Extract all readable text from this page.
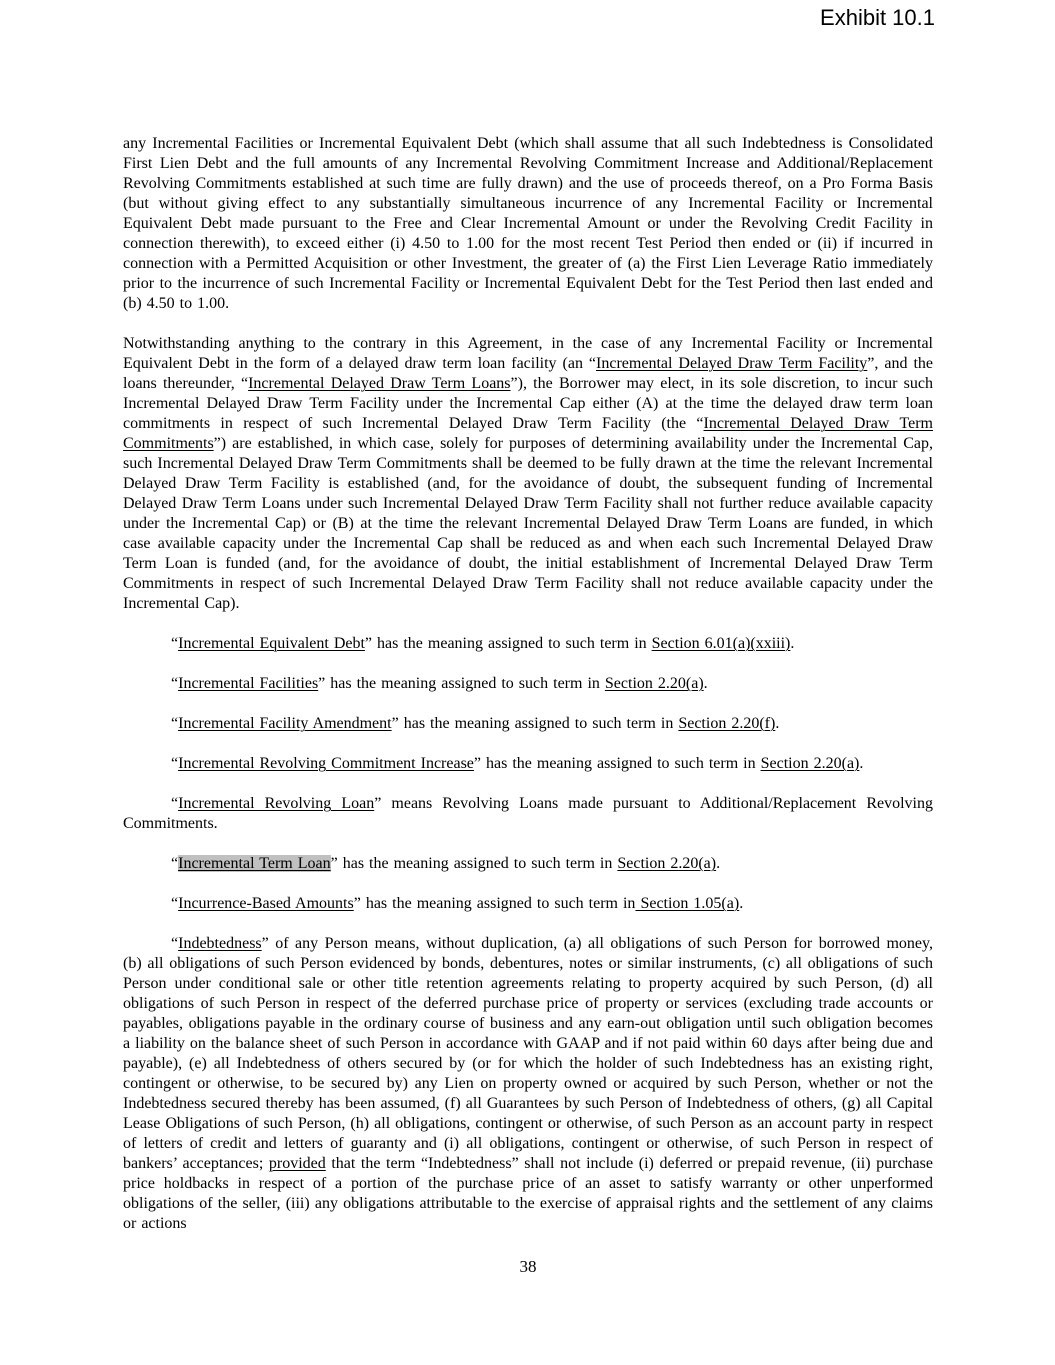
Exhibit 10.1

any Incremental Facilities or Incremental Equivalent Debt (which shall assume that all such Indebtedness is Consolidated First Lien Debt and the full amounts of any Incremental Revolving Commitment Increase and Additional/Replacement Revolving Commitments established at such time are fully drawn) and the use of proceeds thereof, on a Pro Forma Basis (but without giving effect to any substantially simultaneous incurrence of any Incremental Facility or Incremental Equivalent Debt made pursuant to the Free and Clear Incremental Amount or under the Revolving Credit Facility in connection therewith), to exceed either (i) 4.50 to 1.00 for the most recent Test Period then ended or (ii) if incurred in connection with a Permitted Acquisition or other Investment, the greater of (a) the First Lien Leverage Ratio immediately prior to the incurrence of such Incremental Facility or Incremental Equivalent Debt for the Test Period then last ended and (b) 4.50 to 1.00.

Notwithstanding anything to the contrary in this Agreement, in the case of any Incremental Facility or Incremental Equivalent Debt in the form of a delayed draw term loan facility (an “Incremental Delayed Draw Term Facility”, and the loans thereunder, “Incremental Delayed Draw Term Loans”), the Borrower may elect, in its sole discretion, to incur such Incremental Delayed Draw Term Facility under the Incremental Cap either (A) at the time the delayed draw term loan commitments in respect of such Incremental Delayed Draw Term Facility (the “Incremental Delayed Draw Term Commitments”) are established, in which case, solely for purposes of determining availability under the Incremental Cap, such Incremental Delayed Draw Term Commitments shall be deemed to be fully drawn at the time the relevant Incremental Delayed Draw Term Facility is established (and, for the avoidance of doubt, the subsequent funding of Incremental Delayed Draw Term Loans under such Incremental Delayed Draw Term Facility shall not further reduce available capacity under the Incremental Cap) or (B) at the time the relevant Incremental Delayed Draw Term Loans are funded, in which case available capacity under the Incremental Cap shall be reduced as and when each such Incremental Delayed Draw Term Loan is funded (and, for the avoidance of doubt, the initial establishment of Incremental Delayed Draw Term Commitments in respect of such Incremental Delayed Draw Term Facility shall not reduce available capacity under the Incremental Cap).

“Incremental Equivalent Debt” has the meaning assigned to such term in Section 6.01(a)(xxiii).

“Incremental Facilities” has the meaning assigned to such term in Section 2.20(a).

“Incremental Facility Amendment” has the meaning assigned to such term in Section 2.20(f).

“Incremental Revolving Commitment Increase” has the meaning assigned to such term in Section 2.20(a).

“Incremental Revolving Loan” means Revolving Loans made pursuant to Additional/Replacement Revolving Commitments.

“Incremental Term Loan” has the meaning assigned to such term in Section 2.20(a).

“Incurrence-Based Amounts” has the meaning assigned to such term in Section 1.05(a).

“Indebtedness” of any Person means, without duplication, (a) all obligations of such Person for borrowed money, (b) all obligations of such Person evidenced by bonds, debentures, notes or similar instruments, (c) all obligations of such Person under conditional sale or other title retention agreements relating to property acquired by such Person, (d) all obligations of such Person in respect of the deferred purchase price of property or services (excluding trade accounts or payables, obligations payable in the ordinary course of business and any earn-out obligation until such obligation becomes a liability on the balance sheet of such Person in accordance with GAAP and if not paid within 60 days after being due and payable), (e) all Indebtedness of others secured by (or for which the holder of such Indebtedness has an existing right, contingent or otherwise, to be secured by) any Lien on property owned or acquired by such Person, whether or not the Indebtedness secured thereby has been assumed, (f) all Guarantees by such Person of Indebtedness of others, (g) all Capital Lease Obligations of such Person, (h) all obligations, contingent or otherwise, of such Person as an account party in respect of letters of credit and letters of guaranty and (i) all obligations, contingent or otherwise, of such Person in respect of bankers’ acceptances; provided that the term “Indebtedness” shall not include (i) deferred or prepaid revenue, (ii) purchase price holdbacks in respect of a portion of the purchase price of an asset to satisfy warranty or other unperformed obligations of the seller, (iii) any obligations attributable to the exercise of appraisal rights and the settlement of any claims or actions

38
